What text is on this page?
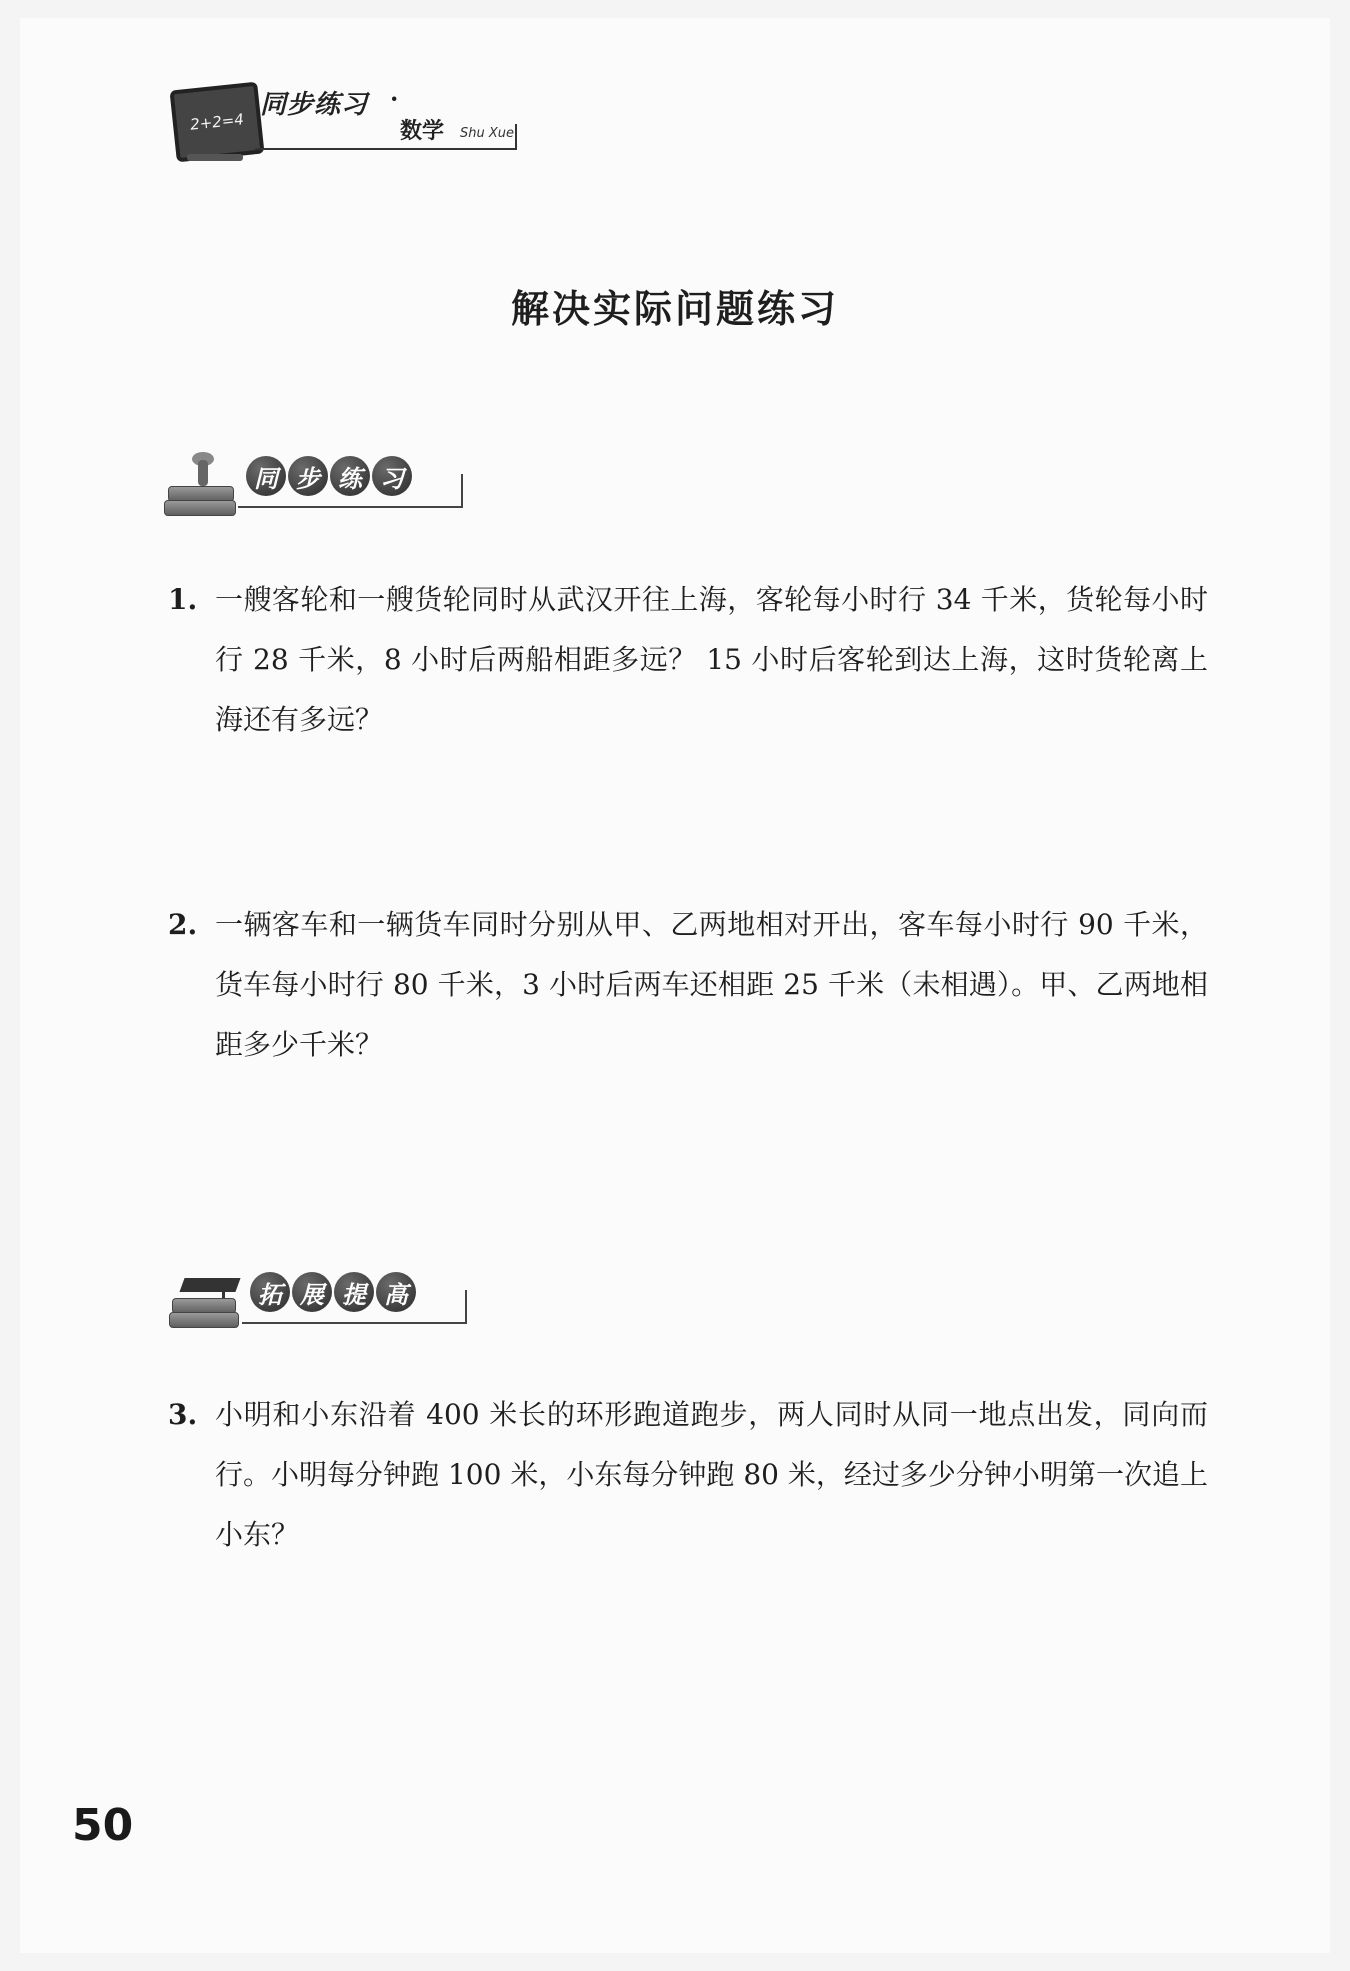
2+2=4
同步练习 ·
数学 Shu Xue
解决实际问题练习
同 步 练 习
1. 一艘客轮和一艘货轮同时从武汉开往上海，客轮每小时行 34 千米，货轮每小时行 28 千米，8 小时后两船相距多远？ 15 小时后客轮到达上海，这时货轮离上海还有多远？
2. 一辆客车和一辆货车同时分别从甲、乙两地相对开出，客车每小时行 90 千米，货车每小时行 80 千米，3 小时后两车还相距 25 千米（未相遇）。甲、乙两地相距多少千米？
拓 展 提 高
3. 小明和小东沿着 400 米长的环形跑道跑步，两人同时从同一地点出发，同向而行。小明每分钟跑 100 米，小东每分钟跑 80 米，经过多少分钟小明第一次追上小东？
50
